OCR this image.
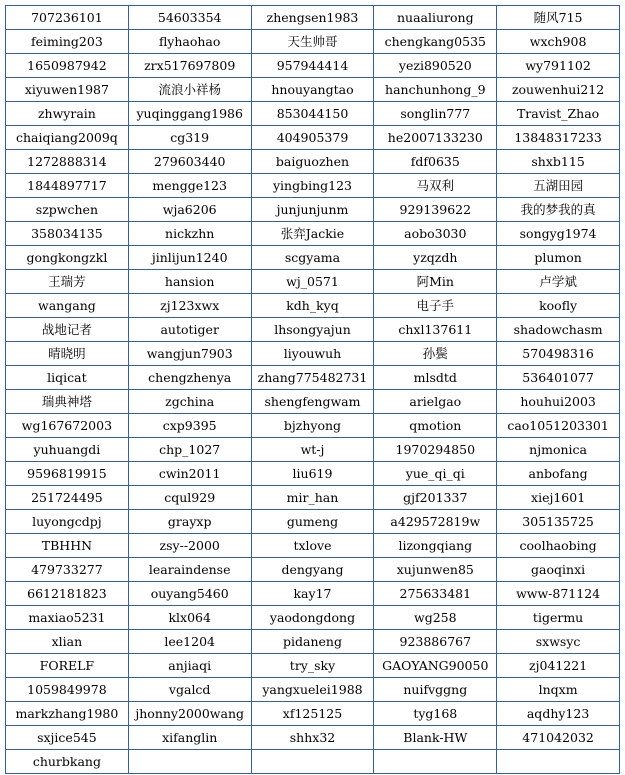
707236101	54603354	zhengsen1983	nuaaliurong	随风715
feiming203	flyhaohao	天生帅哥	chengkang0535	wxch908
1650987942	zrx517697809	957944414	yezi890520	wy791102
xiyuwen1987	流浪小祥杨	hnouyangtao	hanchunhong_9	zouwenhui212
zhwyrain	yuqinggang1986	853044150	songlin777	Travist_Zhao
chaiqiang2009q	cg319	404905379	he2007133230	13848317233
1272888314	279603440	baiguozhen	fdf0635	shxb115
1844897717	mengge123	yingbing123	马双利	五湖田园
szpwchen	wja6206	junjunjunm	929139622	我的梦我的真
358034135	nickzhn	张弈Jackie	aobo3030	songyg1974
gongkongzkl	jinlijun1240	scgyama	yzqzdh	plumon
王瑞芳	hansion	wj_0571	阿Min	卢学斌
wangang	zj123xwx	kdh_kyq	电子手	koofly
战地记者	autotiger	lhsongyajun	chxl137611	shadowchasm
晴晓明	wangjun7903	liyouwuh	孙鬓	570498316
liqicat	chengzhenya	zhang775482731	mlsdtd	536401077
瑞典神塔	zgchina	shengfengwam	arielgao	houhui2003
wg167672003	cxp9395	bjzhyong	qmotion	cao1051203301
yuhuangdi	chp_1027	wt-j	1970294850	njmonica
9596819915	cwin2011	liu619	yue_qi_qi	anbofang
251724495	cqul929	mir_han	gjf201337	xiej1601
luyongcdpj	grayxp	gumeng	a429572819w	305135725
TBHHN	zsy--2000	txlove	lizongqiang	coolhaobing
479733277	learaindense	dengyang	xujunwen85	gaoqinxi
6612181823	ouyang5460	kay17	275633481	www-871124
maxiao5231	klx064	yaodongdong	wg258	tigermu
xlian	lee1204	pidaneng	923886767	sxwsyc
FORELF	anjiaqi	try_sky	GAOYANG90050	zj041221
1059849978	vgalcd	yangxuelei1988	nuifvggng	lnqxm
markzhang1980	jhonny2000wang	xf125125	tyg168	aqdhy123
sxjice545	xifanglin	shhx32	Blank-HW	471042032
churbkang				
